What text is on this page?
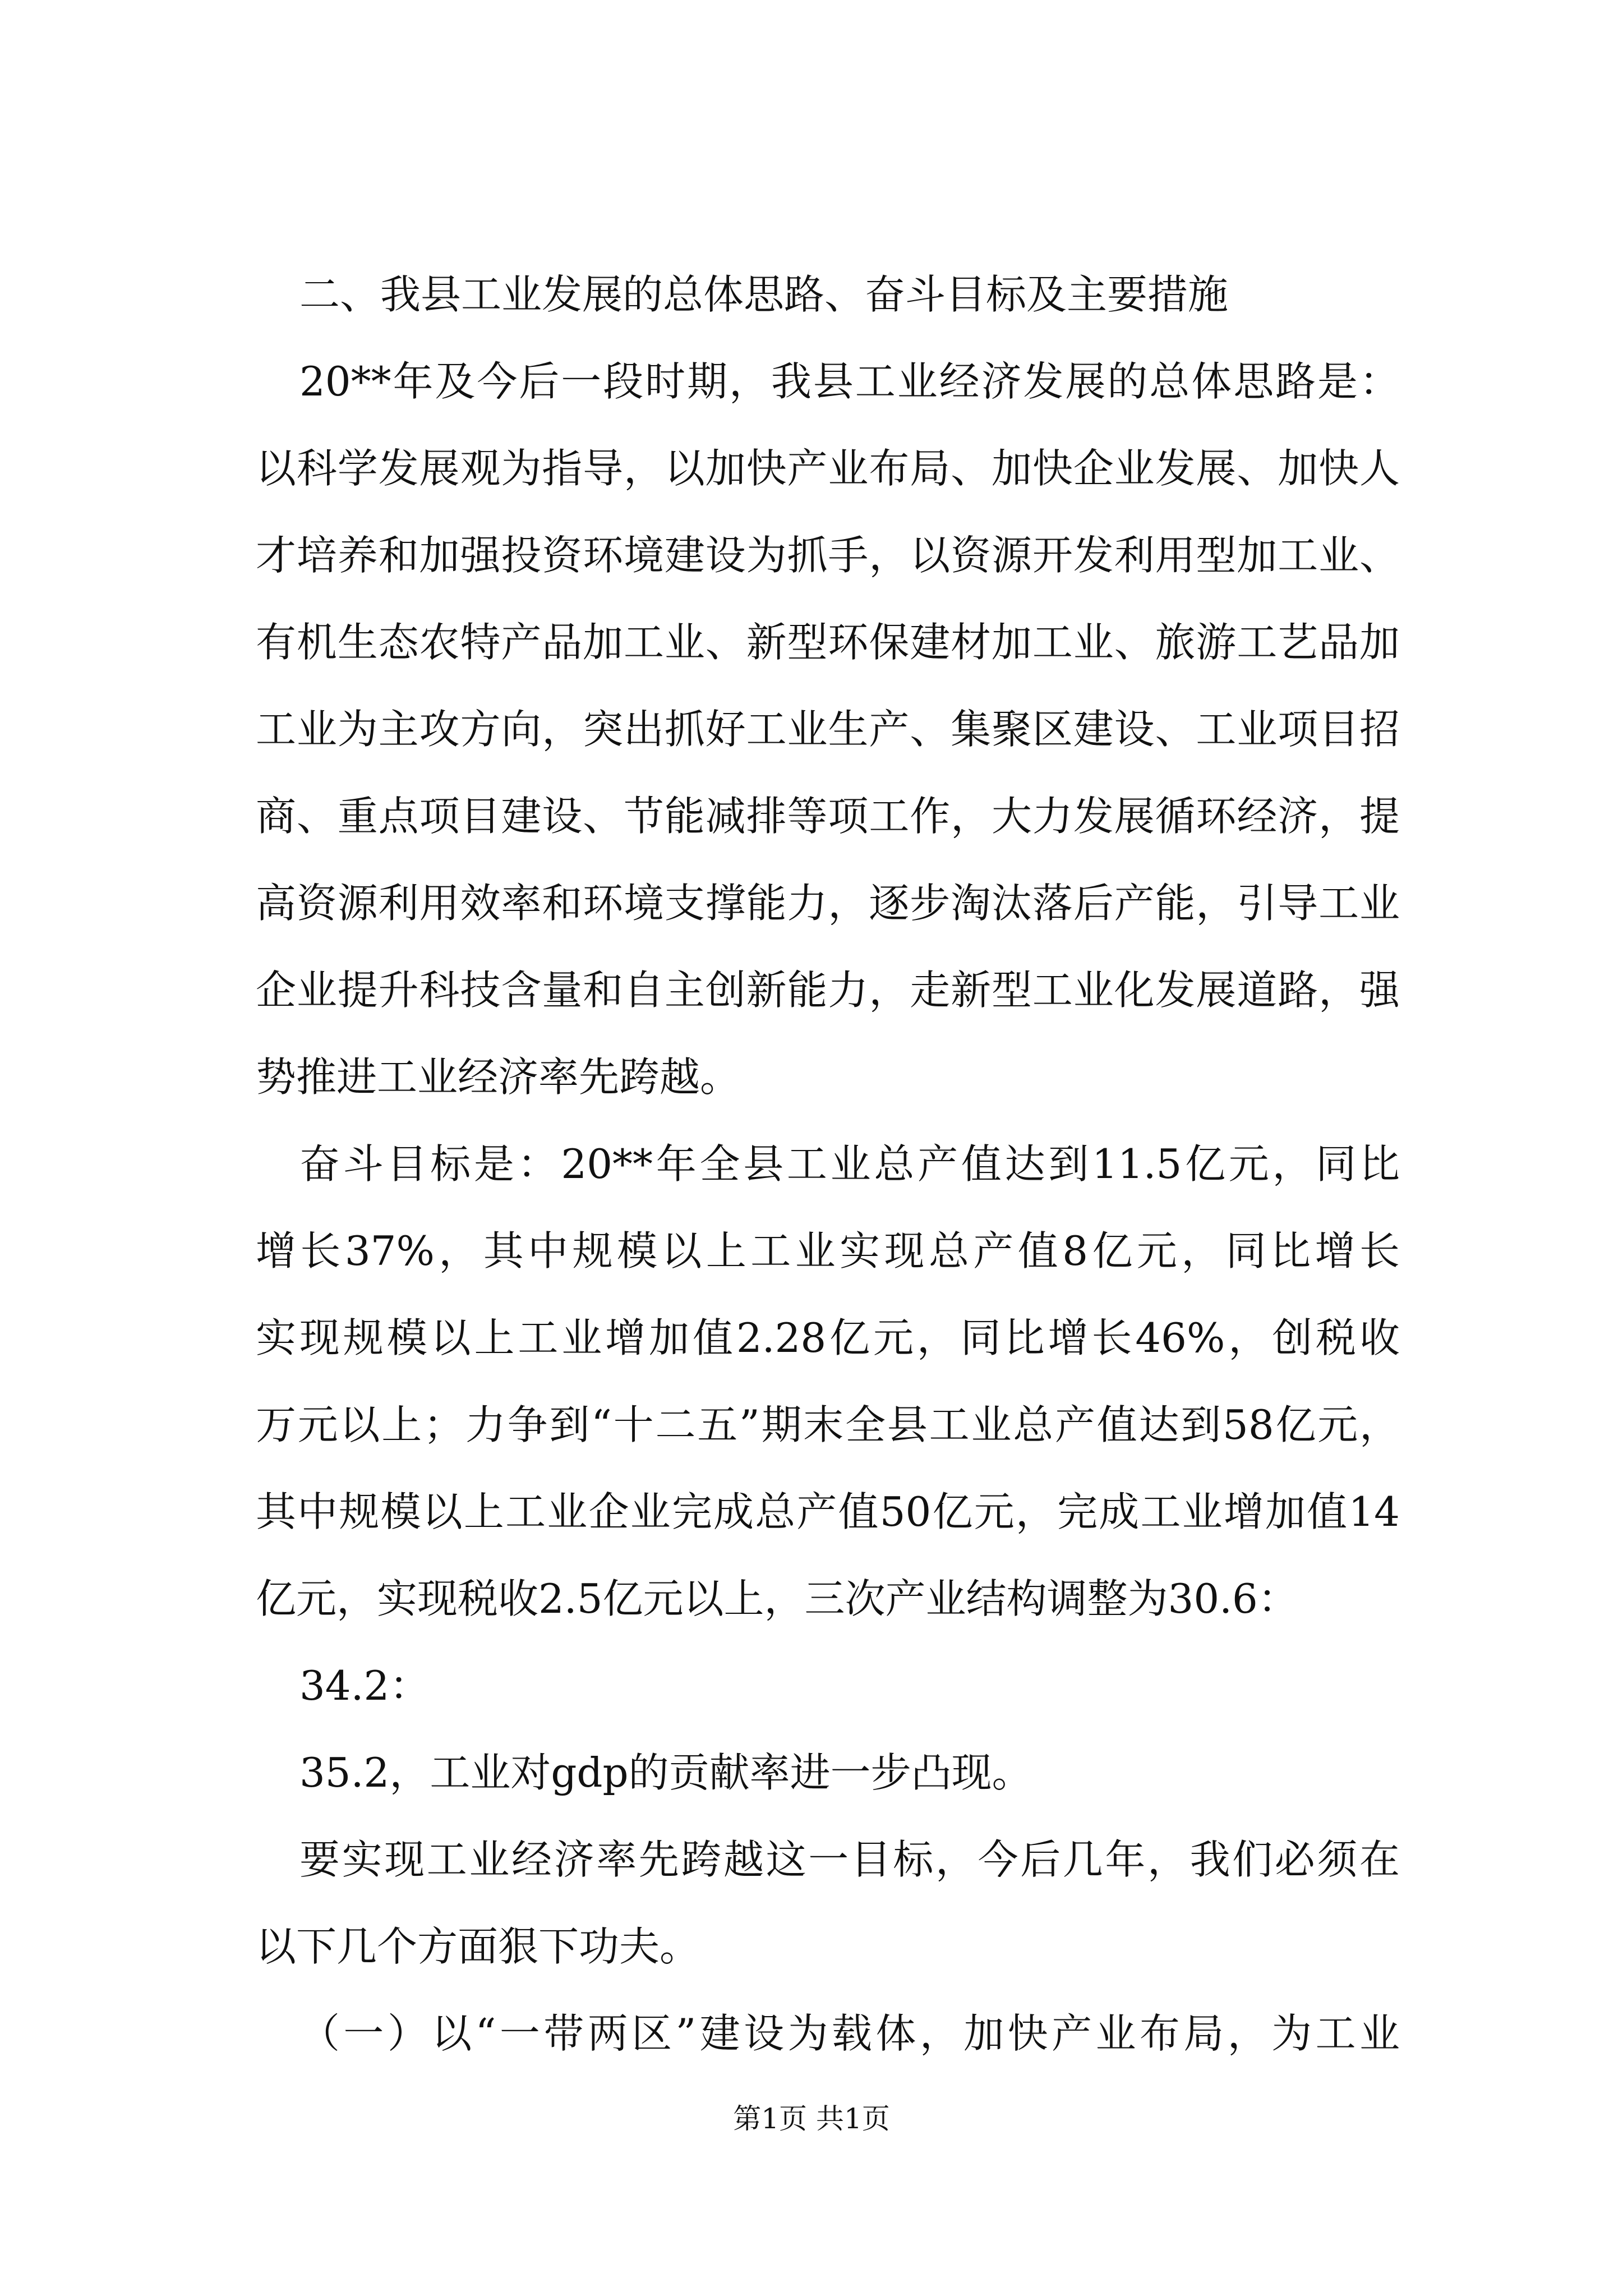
二、我县工业发展的总体思路、奋斗目标及主要措施
20**年及今后一段时期，我县工业经济发展的总体思路是：
以科学发展观为指导，以加快产业布局、加快企业发展、加快人
才培养和加强投资环境建设为抓手，以资源开发利用型加工业、
有机生态农特产品加工业、新型环保建材加工业、旅游工艺品加
工业为主攻方向，突出抓好工业生产、集聚区建设、工业项目招
商、重点项目建设、节能减排等项工作，大力发展循环经济，提
高资源利用效率和环境支撑能力，逐步淘汰落后产能，引导工业
企业提升科技含量和自主创新能力，走新型工业化发展道路，强
势推进工业经济率先跨越。
奋斗目标是：20**年全县工业总产值达到11.5亿元，同比
增长37%，其中规模以上工业实现总产值8亿元，同比增长
实现规模以上工业增加值2.28亿元，同比增长46%，创税收
万元以上；力争到“十二五”期末全县工业总产值达到58亿元，
其中规模以上工业企业完成总产值50亿元，完成工业增加值14
亿元，实现税收2.5亿元以上，三次产业结构调整为30.6：
34.2：
35.2，工业对gdp的贡献率进一步凸现。
要实现工业经济率先跨越这一目标，今后几年，我们必须在
以下几个方面狠下功夫。
（一）以“一带两区”建设为载体，加快产业布局，为工业
第1页 共1页
